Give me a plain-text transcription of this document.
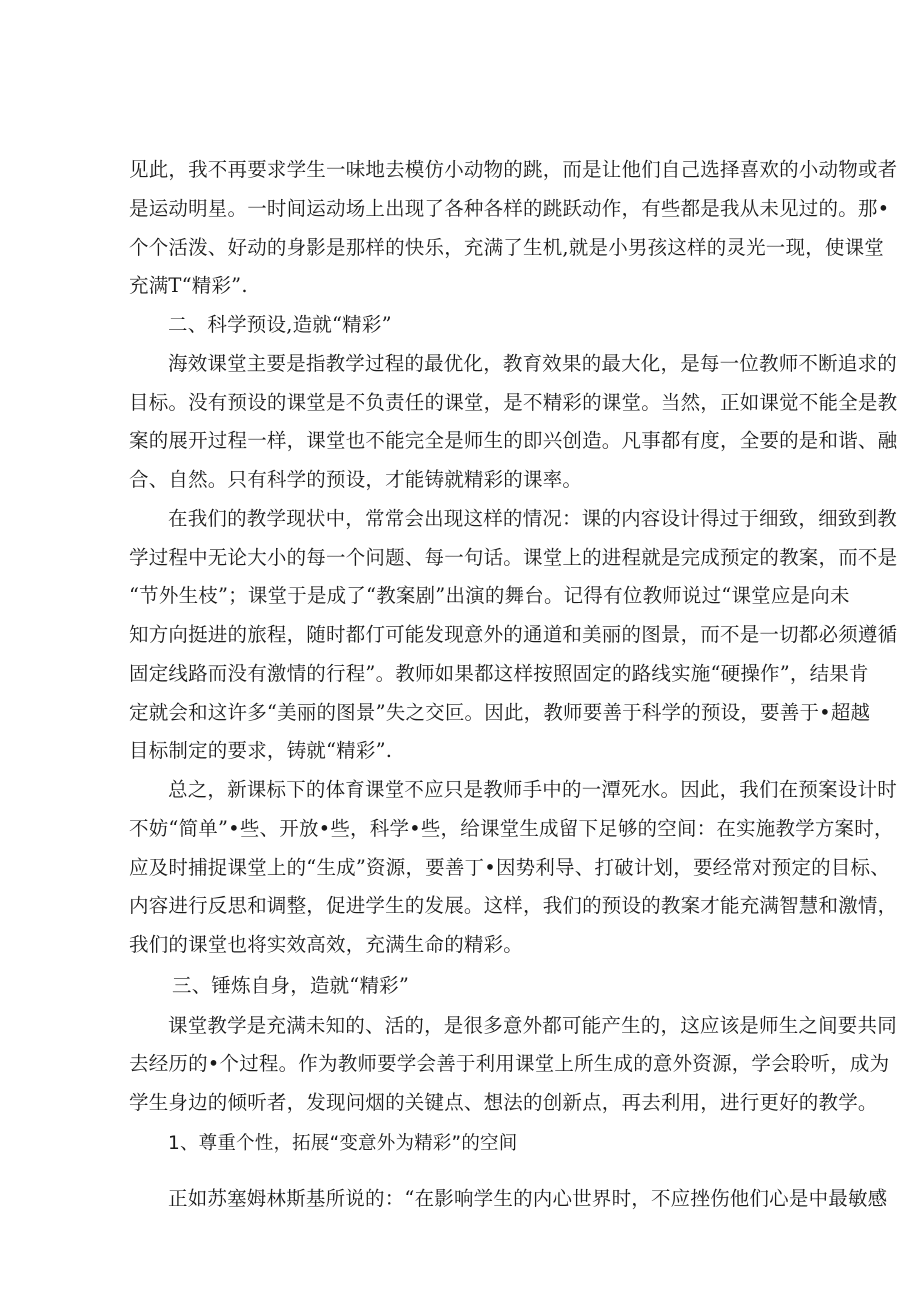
见此，我不再要求学生一味地去模仿小动物的跳，而是让他们自己选择喜欢的小动物或者
是运动明星。一时间运动场上出现了各种各样的跳跃动作，有些都是我从未见过的。那•
个个活泼、好动的身影是那样的快乐，充满了生机,就是小男孩这样的灵光一现，使课堂
充满T“精彩”.
二、科学预设,造就“精彩”
海效课堂主要是指教学过程的最优化，教育效果的最大化，是每一位教师不断追求的
目标。没有预设的课堂是不负责任的课堂，是不精彩的课堂。当然，正如课觉不能全是教
案的展开过程一样，课堂也不能完全是师生的即兴创造。凡事都有度，全要的是和谐、融
合、自然。只有科学的预设，才能铸就精彩的课率。
在我们的教学现状中，常常会出现这样的情况：课的内容设计得过于细致，细致到教
学过程中无论大小的每一个问题、每一句话。课堂上的进程就是完成预定的教案，而不是
“节外生枝”；课堂于是成了“教案剧”出演的舞台。记得有位教师说过“课堂应是向未
知方向挺进的旅程，随时都仃可能发现意外的通道和美丽的图景，而不是一切都必须遵循
固定线路而没有激情的行程”。教师如果都这样按照固定的路线实施“硬操作”，结果肯
定就会和这许多“美丽的图景”失之交叵。因此，教师要善于科学的预设，要善于•超越
目标制定的要求，铸就“精彩”.
总之，新课标下的体育课堂不应只是教师手中的一潭死水。因此，我们在预案设计时
不妨“简单”•些、开放•些，科学•些，给课堂生成留下足够的空间：在实施教学方案时，
应及时捕捉课堂上的“生成”资源，要善丁•因势利导、打破计划，要经常对预定的目标、
内容进行反思和调整，促进学生的发展。这样，我们的预设的教案才能充满智慧和激情，
我们的课堂也将实效高效，充满生命的精彩。
三、锤炼自身，造就“精彩”
课堂教学是充满未知的、活的，是很多意外都可能产生的，这应该是师生之间要共同
去经历的•个过程。作为教师要学会善于利用课堂上所生成的意外资源，学会聆听，成为
学生身边的倾听者，发现问烟的关键点、想法的创新点，再去利用，进行更好的教学。
1、尊重个性，拓展“变意外为精彩”的空间
正如苏塞姆林斯基所说的：“在影响学生的内心世界时，不应挫伤他们心是中最敏感
